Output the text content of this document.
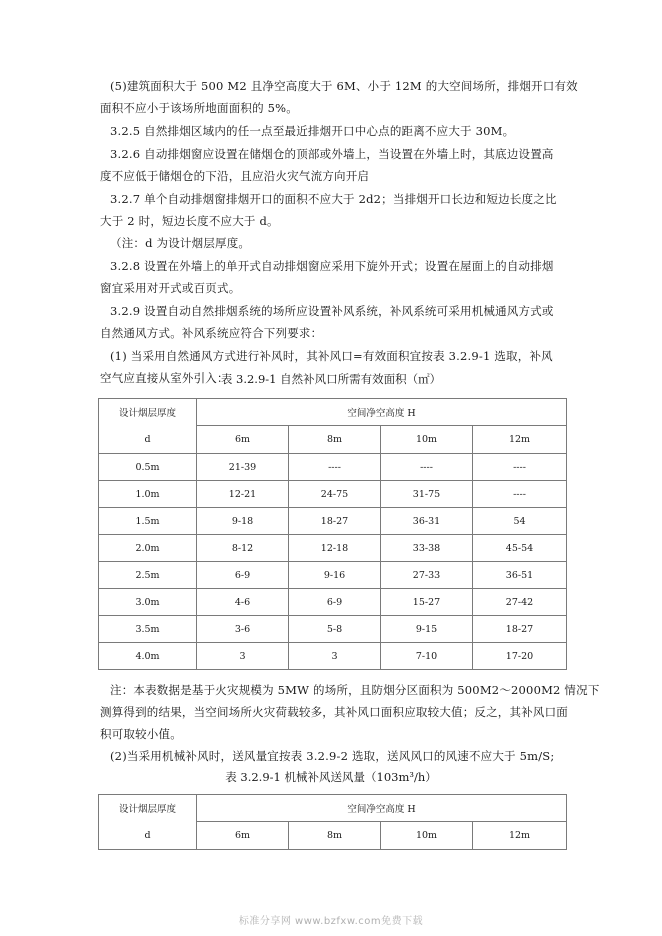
(5)建筑面积大于 500 M2 且净空高度大于 6M、小于 12M 的大空间场所，排烟开口有效
面积不应小于该场所地面面积的 5%。
3.2.5 自然排烟区域内的任一点至最近排烟开口中心点的距离不应大于 30M。
3.2.6 自动排烟窗应设置在储烟仓的顶部或外墙上，当设置在外墙上时，其底边设置高
度不应低于储烟仓的下沿，且应沿火灾气流方向开启
3.2.7 单个自动排烟窗排烟开口的面积不应大于 2d2；当排烟开口长边和短边长度之比
大于 2 时，短边长度不应大于 d。
（注：d 为设计烟层厚度。
3.2.8 设置在外墙上的单开式自动排烟窗应采用下旋外开式；设置在屋面上的自动排烟
窗宜采用对开式或百页式。
3.2.9 设置自动自然排烟系统的场所应设置补风系统，补风系统可采用机械通风方式或
自然通风方式。补风系统应符合下列要求：
(1) 当采用自然通风方式进行补风时，其补风口=有效面积宜按表 3.2.9-1 选取，补风
空气应直接从室外引入：
表 3.2.9-1 自然补风口所需有效面积（㎡）
设计烟层厚度	空间净空高度 H			
d	6m	8m	10m	12m
0.5m	21-39	----	----	----
1.0m	12-21	24-75	31-75	----
1.5m	9-18	18-27	36-31	54
2.0m	8-12	12-18	33-38	45-54
2.5m	6-9	9-16	27-33	36-51
3.0m	4-6	6-9	15-27	27-42
3.5m	3-6	5-8	9-15	18-27
4.0m	3	3	7-10	17-20
注：本表数据是基于火灾规模为 5MW 的场所，且防烟分区面积为 500M2～2000M2 情况下
测算得到的结果，当空间场所火灾荷载较多，其补风口面积应取较大值；反之，其补风口面
积可取较小值。
(2)当采用机械补风时，送风量宜按表 3.2.9-2 选取，送风风口的风速不应大于 5m/S;
表 3.2.9-1 机械补风送风量（103m³/h）
设计烟层厚度	空间净空高度 H			
d	6m	8m	10m	12m
标准分享网 www.bzfxw.com免费下载
